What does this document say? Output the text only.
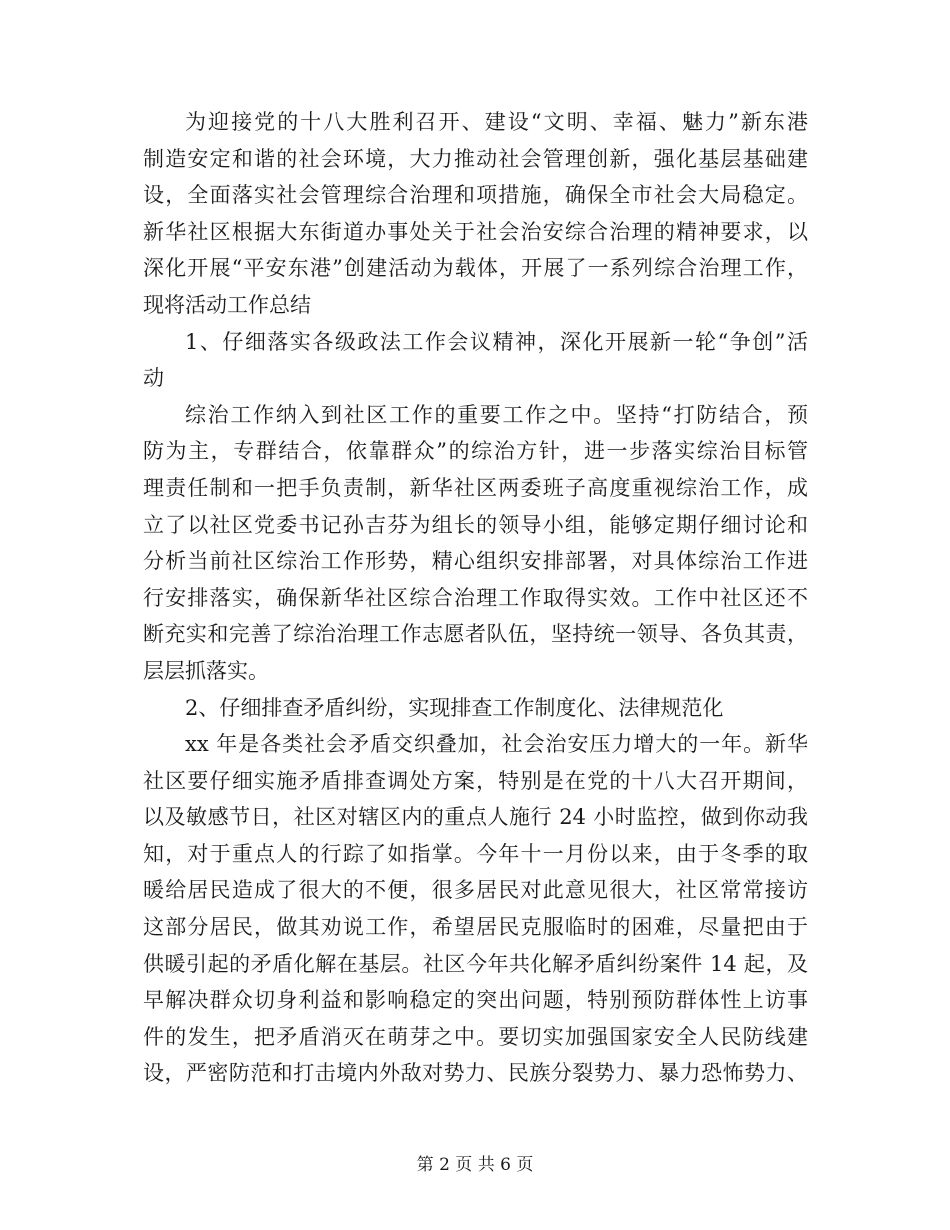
为迎接党的十八大胜利召开、建设“文明、幸福、魅力”新东港
制造安定和谐的社会环境，大力推动社会管理创新，强化基层基础建
设，全面落实社会管理综合治理和项措施，确保全市社会大局稳定。
新华社区根据大东街道办事处关于社会治安综合治理的精神要求，以
深化开展“平安东港”创建活动为载体，开展了一系列综合治理工作，
现将活动工作总结
1、仔细落实各级政法工作会议精神，深化开展新一轮“争创”活
动
综治工作纳入到社区工作的重要工作之中。坚持“打防结合，预
防为主，专群结合，依靠群众”的综治方针，进一步落实综治目标管
理责任制和一把手负责制，新华社区两委班子高度重视综治工作，成
立了以社区党委书记孙吉芬为组长的领导小组，能够定期仔细讨论和
分析当前社区综治工作形势，精心组织安排部署，对具体综治工作进
行安排落实，确保新华社区综合治理工作取得实效。工作中社区还不
断充实和完善了综治治理工作志愿者队伍，坚持统一领导、各负其责，
层层抓落实。
2、仔细排查矛盾纠纷，实现排查工作制度化、法律规范化
xx 年是各类社会矛盾交织叠加，社会治安压力增大的一年。新华
社区要仔细实施矛盾排查调处方案，特别是在党的十八大召开期间，
以及敏感节日，社区对辖区内的重点人施行 24 小时监控，做到你动我
知，对于重点人的行踪了如指掌。今年十一月份以来，由于冬季的取
暖给居民造成了很大的不便，很多居民对此意见很大，社区常常接访
这部分居民，做其劝说工作，希望居民克服临时的困难，尽量把由于
供暖引起的矛盾化解在基层。社区今年共化解矛盾纠纷案件 14 起，及
早解决群众切身利益和影响稳定的突出问题，特别预防群体性上访事
件的发生，把矛盾消灭在萌芽之中。要切实加强国家安全人民防线建
设，严密防范和打击境内外敌对势力、民族分裂势力、暴力恐怖势力、
第 2 页 共 6 页
